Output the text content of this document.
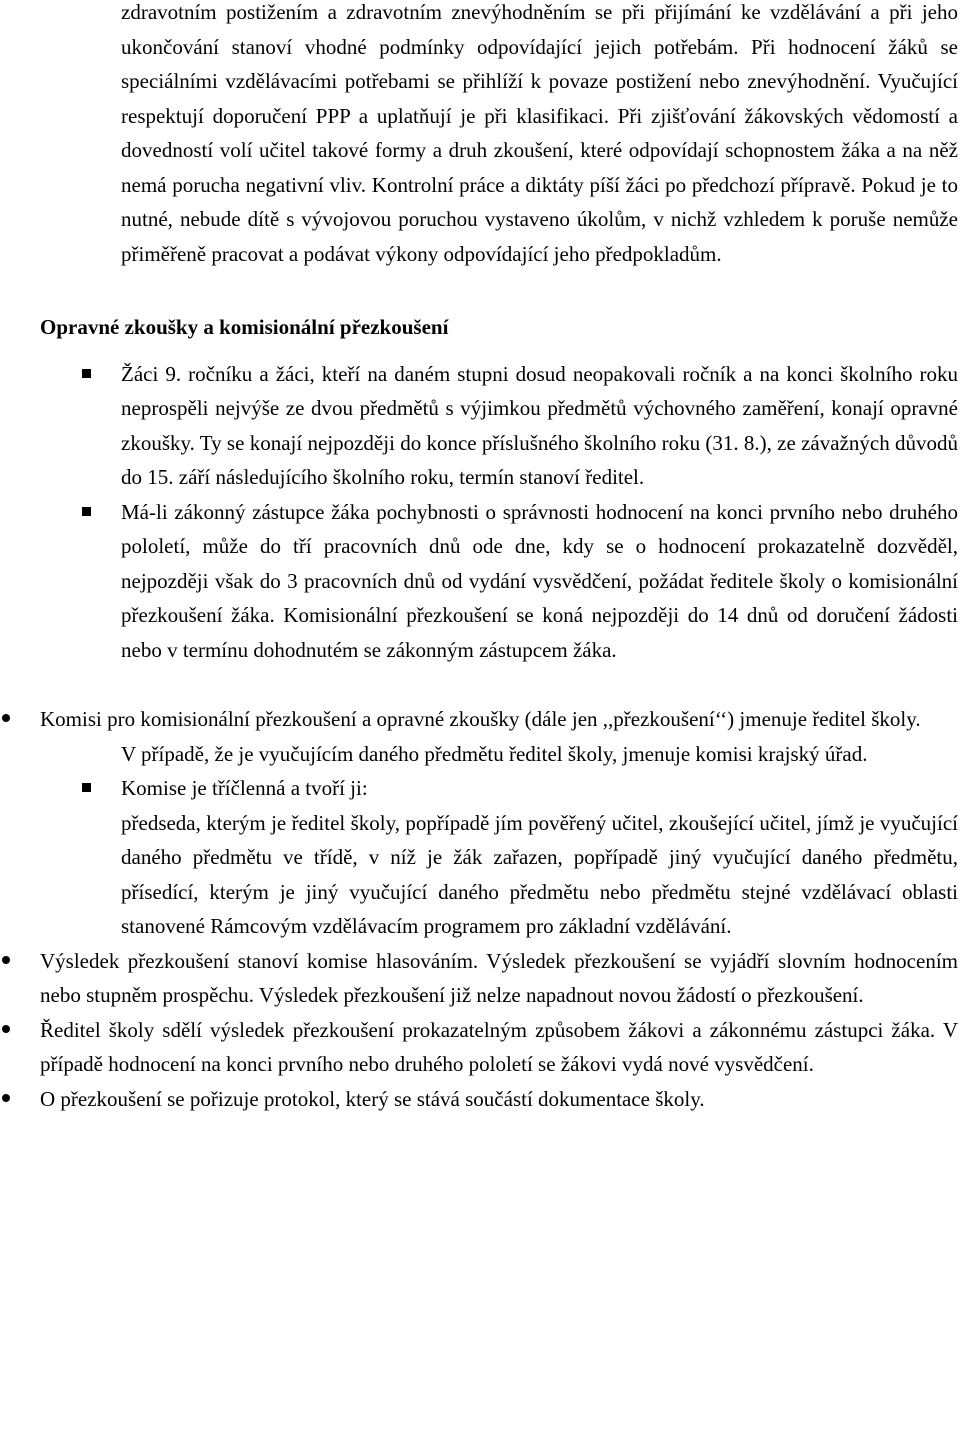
zdravotním postižením a zdravotním znevýhodněním se při přijímání ke vzdělávání a při jeho ukončování stanoví vhodné podmínky odpovídající jejich potřebám. Při hodnocení žáků se speciálními vzdělávacími potřebami se přihlíží k povaze postižení nebo znevýhodnění. Vyučující respektují doporučení PPP a uplatňují je při klasifikaci. Při zjišťování žákovských vědomostí a dovedností volí učitel takové formy a druh zkoušení, které odpovídají schopnostem žáka a na něž nemá porucha negativní vliv. Kontrolní práce a diktáty píší žáci po předchozí přípravě. Pokud je to nutné, nebude dítě s vývojovou poruchou vystaveno úkolům, v nichž vzhledem k poruše nemůže přiměřeně pracovat a podávat výkony odpovídající jeho předpokladům.

Opravné zkoušky a komisionální přezkoušení

Žáci 9. ročníku a žáci, kteří na daném stupni dosud neopakovali ročník a na konci školního roku neprospěli nejvýše ze dvou předmětů s výjimkou předmětů výchovného zaměření, konají opravné zkoušky. Ty se konají nejpozději do konce příslušného školního roku (31. 8.), ze závažných důvodů do 15. září následujícího školního roku, termín stanoví ředitel.
Má-li zákonný zástupce žáka pochybnosti o správnosti hodnocení na konci prvního nebo druhého pololetí, může do tří pracovních dnů ode dne, kdy se o hodnocení prokazatelně dozvěděl, nejpozději však do 3 pracovních dnů od vydání vysvědčení, požádat ředitele školy o komisionální přezkoušení žáka. Komisionální přezkoušení se koná nejpozději do 14 dnů od doručení žádosti nebo v termínu dohodnutém se zákonným zástupcem žáka.
Komisi pro komisionální přezkoušení a opravné zkoušky (dále jen ,,přezkoušení‘‘) jmenuje ředitel školy.

V případě, že je vyučujícím daného předmětu ředitel školy, jmenuje komisi krajský úřad.

Komise je tříčlenná a tvoří ji:

předseda, kterým je ředitel školy, popřípadě jím pověřený učitel, zkoušející učitel, jímž je vyučující daného předmětu ve třídě, v níž je žák zařazen, popřípadě jiný vyučující daného předmětu, přísedící, kterým je jiný vyučující daného předmětu nebo předmětu stejné vzdělávací oblasti stanovené Rámcovým vzdělávacím programem pro základní vzdělávání.

Výsledek přezkoušení stanoví komise hlasováním. Výsledek přezkoušení se vyjádří slovním hodnocením nebo stupněm prospěchu. Výsledek přezkoušení již nelze napadnout novou žádostí o přezkoušení.
Ředitel školy sdělí výsledek přezkoušení prokazatelným způsobem žákovi a zákonnému zástupci žáka. V případě hodnocení na konci prvního nebo druhého pololetí se žákovi vydá nové vysvědčení.
O přezkoušení se pořizuje protokol, který se stává součástí dokumentace školy.
